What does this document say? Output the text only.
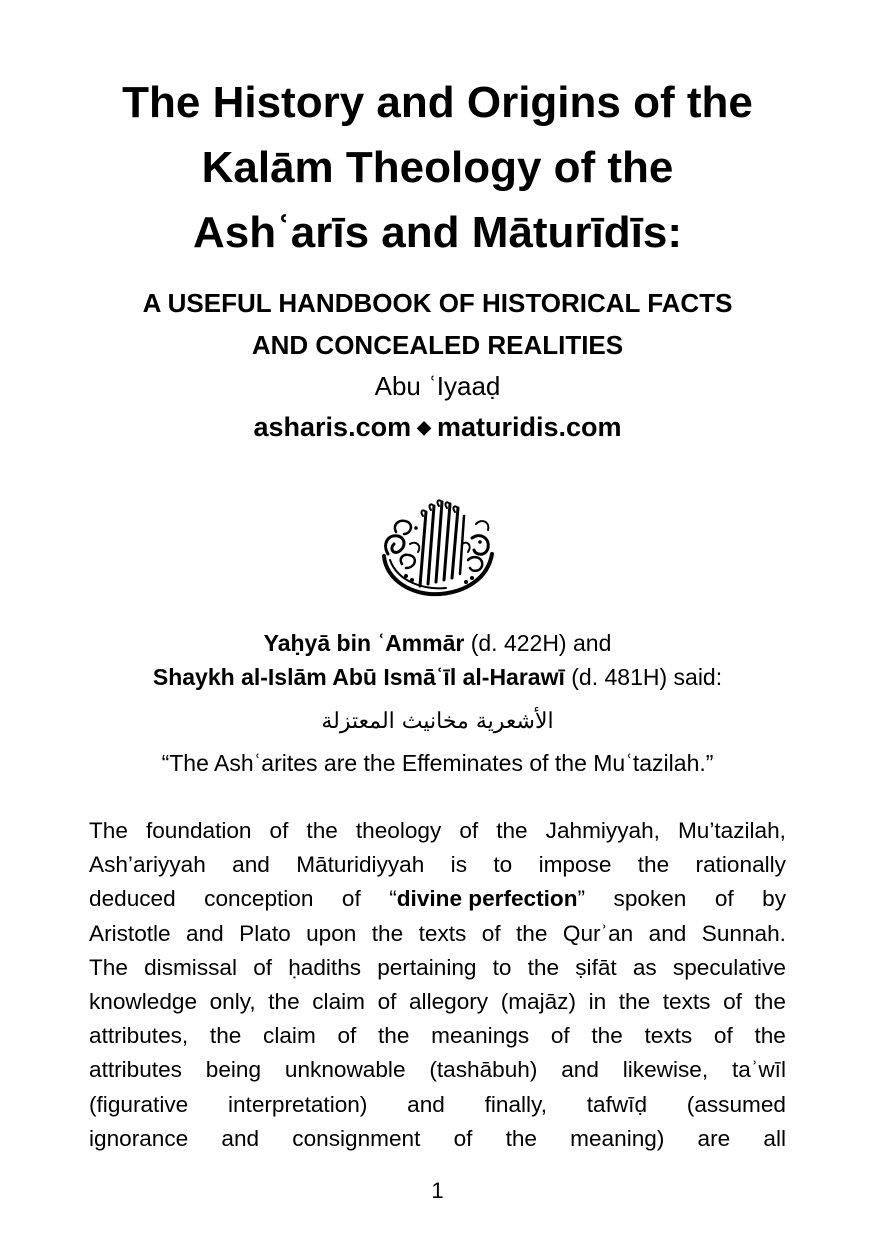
The History and Origins of the
Kalām Theology of the
Ashʿarīs and Māturīdīs:
A USEFUL HANDBOOK OF HISTORICAL FACTS
AND CONCEALED REALITIES
Abu ʿIyaaḍ
asharis.com ◆ maturidis.com
Yaḥyā bin ʿAmmār (d. 422H) and
Shaykh al-Islām Abū Ismāʿīl al-Harawī (d. 481H) said:
الأشعرية مخانيث المعتزلة
“The Ashʿarites are the Effeminates of the Muʿtazilah.”
The foundation of the theology of the Jahmiyyah, Mu’tazilah,
Ash’ariyyah and Māturidiyyah is to impose the rationally
deduced conception of “divine perfection” spoken of by
Aristotle and Plato upon the texts of the Qurʾan and Sunnah.
The dismissal of ḥadiths pertaining to the ṣifāt as speculative
knowledge only, the claim of allegory (majāz) in the texts of the
attributes, the claim of the meanings of the texts of the
attributes being unknowable (tashābuh) and likewise, taʾwīl
(figurative interpretation) and finally, tafwīḍ (assumed
ignorance and consignment of the meaning) are all
1
